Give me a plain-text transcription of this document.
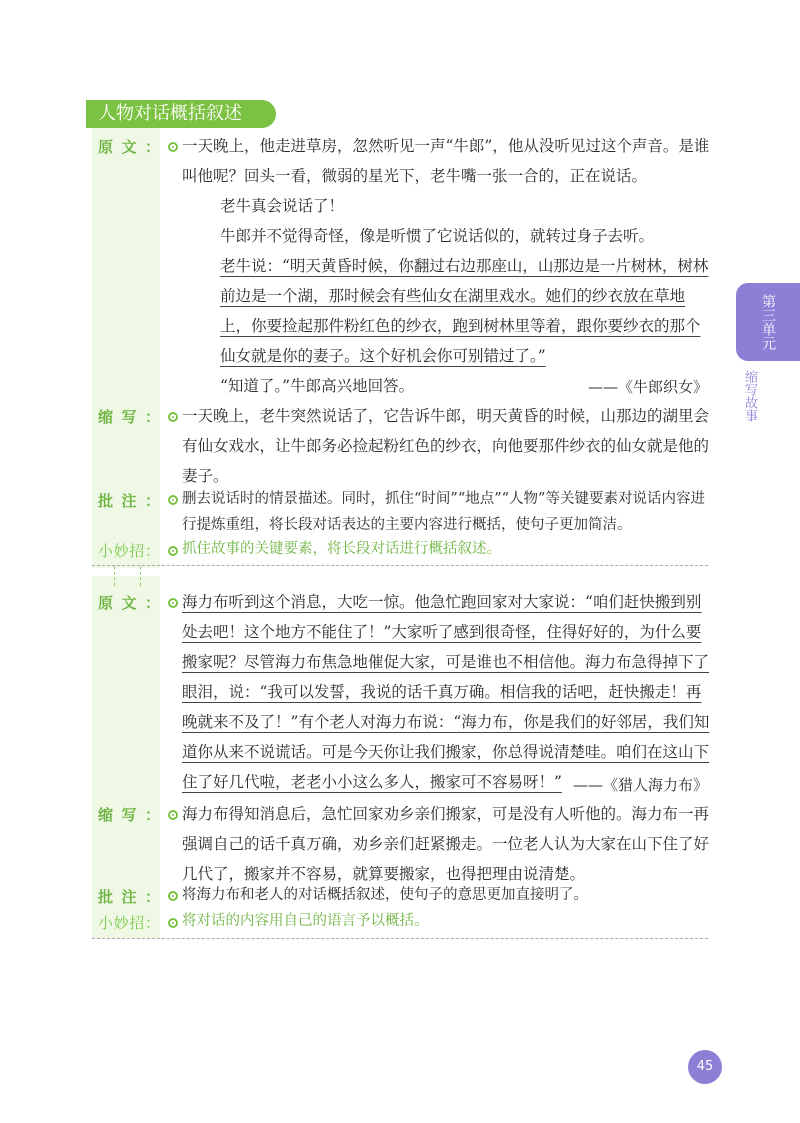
人物对话概括叙述
原文： 一天晚上，他走进草房，忽然听见一声“牛郎”，他从没听见过这个声音。是谁叫他呢？回头一看，微弱的星光下，老牛嘴一张一合的，正在说话。

老牛真会说话了！

牛郎并不觉得奇怪，像是听惯了它说话似的，就转过身子去听。

老牛说：“明天黄昏时候，你翻过右边那座山，山那边是一片树林，树林前边是一个湖，那时候会有些仙女在湖里戏水。她们的纱衣放在草地上，你要捡起那件粉红色的纱衣，跑到树林里等着，跟你要纱衣的那个仙女就是你的妻子。这个好机会你可别错过了。”

“知道了。”牛郎高兴地回答。	——《牛郎织女》
缩写： 一天晚上，老牛突然说话了，它告诉牛郎，明天黄昏的时候，山那边的湖里会有仙女戏水，让牛郎务必捡起粉红色的纱衣，向他要那件纱衣的仙女就是他的妻子。
批注： 删去说话时的情景描述。同时，抓住“时间”“地点”“人物”等关键要素对说话内容进行提炼重组，将长段对话表达的主要内容进行概括，使句子更加简洁。
小妙招： 抓住故事的关键要素，将长段对话进行概括叙述。
原文： 海力布听到这个消息，大吃一惊。他急忙跑回家对大家说：“咱们赶快搬到别处去吧！这个地方不能住了！”大家听了感到很奇怪，住得好好的，为什么要搬家呢？尽管海力布焦急地催促大家，可是谁也不相信他。海力布急得掉下了眼泪，说：“我可以发誓，我说的话千真万确。相信我的话吧，赶快搬走！再晚就来不及了！”有个老人对海力布说：“海力布，你是我们的好邻居，我们知道你从来不说谎话。可是今天你让我们搬家，你总得说清楚哇。咱们在这山下住了好几代啦，老老小小这么多人，搬家可不容易呀！” ——《猎人海力布》
缩写： 海力布得知消息后，急忙回家劝乡亲们搬家，可是没有人听他的。海力布一再强调自己的话千真万确，劝乡亲们赶紧搬走。一位老人认为大家在山下住了好几代了，搬家并不容易，就算要搬家，也得把理由说清楚。
批注： 将海力布和老人的对话概括叙述，使句子的意思更加直接明了。
小妙招： 将对话的内容用自己的语言予以概括。
第三单元
缩写故事
45
